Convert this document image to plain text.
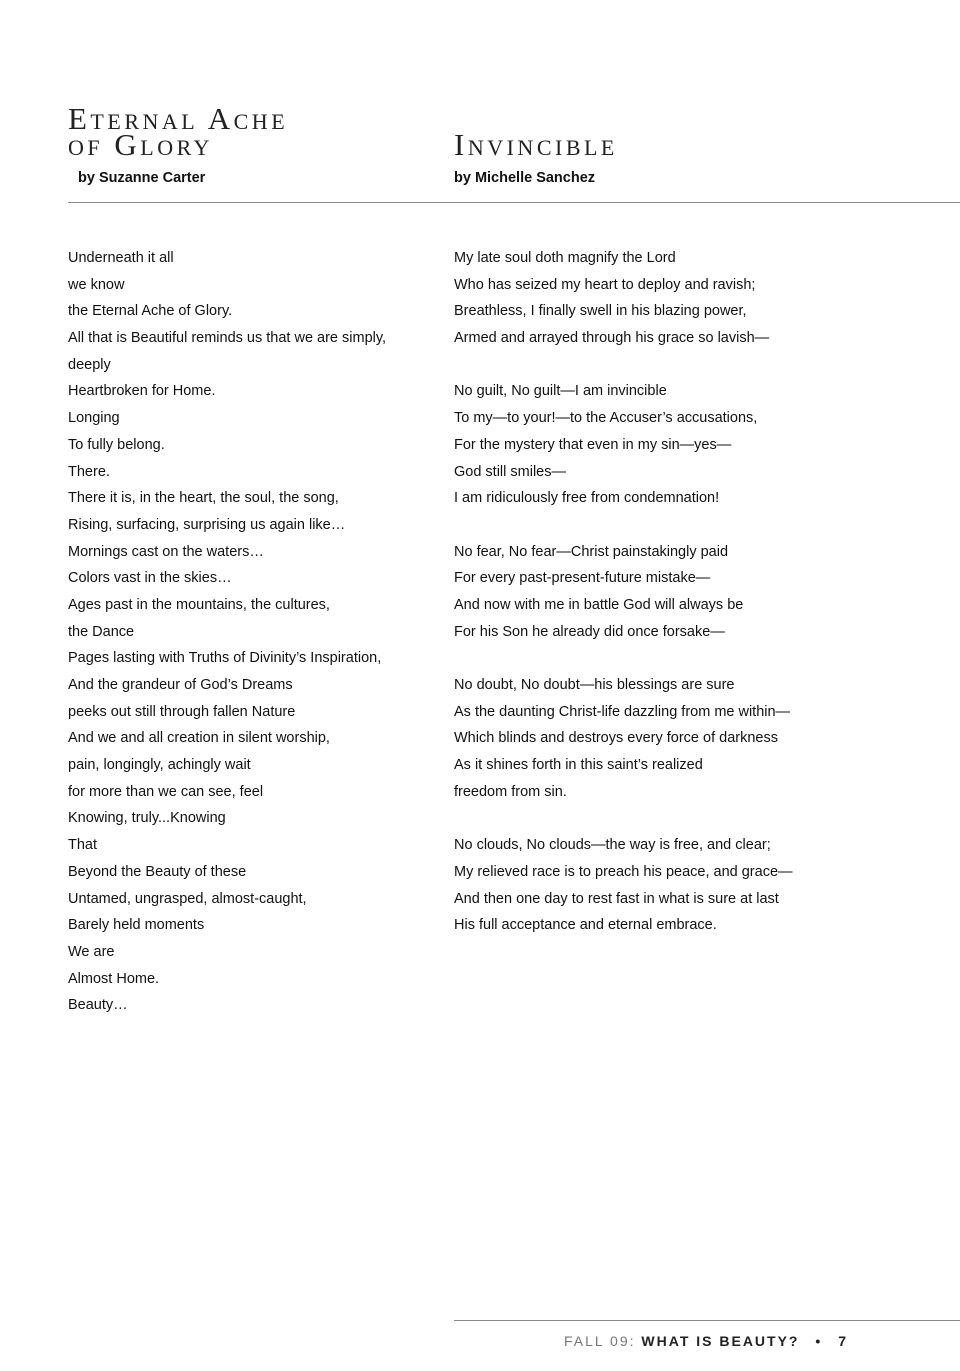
Eternal Ache
of Glory
by Suzanne Carter
Invincible
by Michelle Sanchez
Underneath it all
we know
the Eternal Ache of Glory.
All that is Beautiful reminds us that we are simply,
deeply
Heartbroken for Home.
Longing
To fully belong.
There.
There it is, in the heart, the soul, the song,
Rising, surfacing, surprising us again like…
Mornings cast on the waters…
Colors vast in the skies…
Ages past in the mountains, the cultures,
the Dance
Pages lasting with Truths of Divinity’s Inspiration,
And the grandeur of God’s Dreams
peeks out still through fallen Nature
And we and all creation in silent worship,
pain, longingly, achingly wait
for more than we can see, feel
Knowing, truly...Knowing
That
Beyond the Beauty of these
Untamed, ungrasped, almost-caught,
Barely held moments
We are
Almost Home.
Beauty…
My late soul doth magnify the Lord
Who has seized my heart to deploy and ravish;
Breathless, I finally swell in his blazing power,
Armed and arrayed through his grace so lavish—
No guilt, No guilt—I am invincible
To my—to your!—to the Accuser’s accusations,
For the mystery that even in my sin—yes—
God still smiles—
I am ridiculously free from condemnation!
No fear, No fear—Christ painstakingly paid
For every past-present-future mistake—
And now with me in battle God will always be
For his Son he already did once forsake—
No doubt, No doubt—his blessings are sure
As the daunting Christ-life dazzling from me within—
Which blinds and destroys every force of darkness
As it shines forth in this saint’s realized
freedom from sin.
No clouds, No clouds—the way is free, and clear;
My relieved race is to preach his peace, and grace—
And then one day to rest fast in what is sure at last
His full acceptance and eternal embrace.
FALL 09: WHAT IS BEAUTY? • 7
